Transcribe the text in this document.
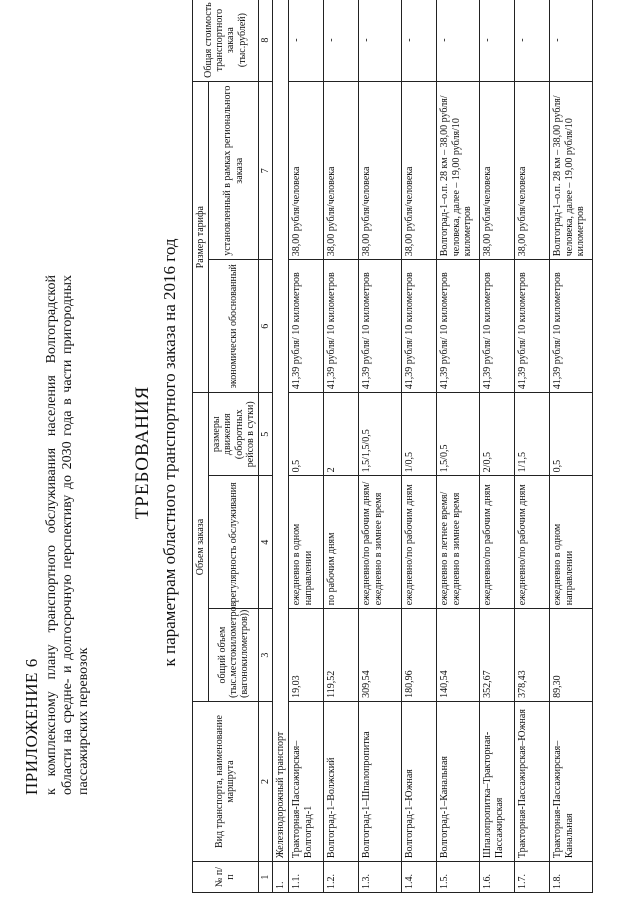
ПРИЛОЖЕНИЕ 6 к комплексному плану транспортного обслуживания населения Волгоградской области на средне- и долгосрочную перспективу до 2030 года в части пригородных пассажирских перевозок
ТРЕБОВАНИЯ к параметрам областного транспортного заказа на 2016 год
№ п/п	Вид транспорта, наименование маршрута	Объем заказа			Размер тарифа		Общая стоимость транспортного заказа (тыс.рублей)
		общий объем (тыс.местокилометров (вагонокилометров))	регулярность обслуживания	размеры движения (оборотных рейсов в сутки)	экономически обоснованный	установленный в рамках регионального заказа	
1	2	3	4	5	6	7	8
1.	Железнодорожный транспорт						
1.1.	Тракторная-Пассажирская–Волгоград-1	19,03	ежедневно в одном направлении	0,5	41,39 рубля/ 10 километров	38,00 рубля/человека	-
1.2.	Волгоград-1–Волжский	119,52	по рабочим дням	2	41,39 рубля/ 10 километров	38,00 рубля/человека	-
1.3.	Волгоград-1–Шпалопропитка	309,54	ежедневно/по рабочим дням/ежедневно в зимнее время	1,5/1,5/0,5	41,39 рубля/ 10 километров	38,00 рубля/человека	-
1.4.	Волгоград-1–Южная	180,96	ежедневно/по рабочим дням	1/0,5	41,39 рубля/ 10 километров	38,00 рубля/человека	-
1.5.	Волгоград-1–Канальная	140,54	ежедневно в летнее время/ежедневно в зимнее время	1,5/0,5	41,39 рубля/ 10 километров	Волгоград-1–о.п. 28 км – 38,00 рубля/человека, далее – 19,00 рубля/10 километров	-
1.6.	Шпалопропитка–Тракторная-Пассажирская	352,67	ежедневно/по рабочим дням	2/0,5	41,39 рубля/ 10 километров	38,00 рубля/человека	-
1.7.	Тракторная-Пассажирская–Южная	378,43	ежедневно/по рабочим дням	1/1,5	41,39 рубля/ 10 километров	38,00 рубля/человека	-
1.8.	Тракторная-Пассажирская–Канальная	89,30	ежедневно в одном направлении	0,5	41,39 рубля/ 10 километров	Волгоград-1–о.п. 28 км – 38,00 рубля/человека, далее – 19,00 рубля/10 километров	-
